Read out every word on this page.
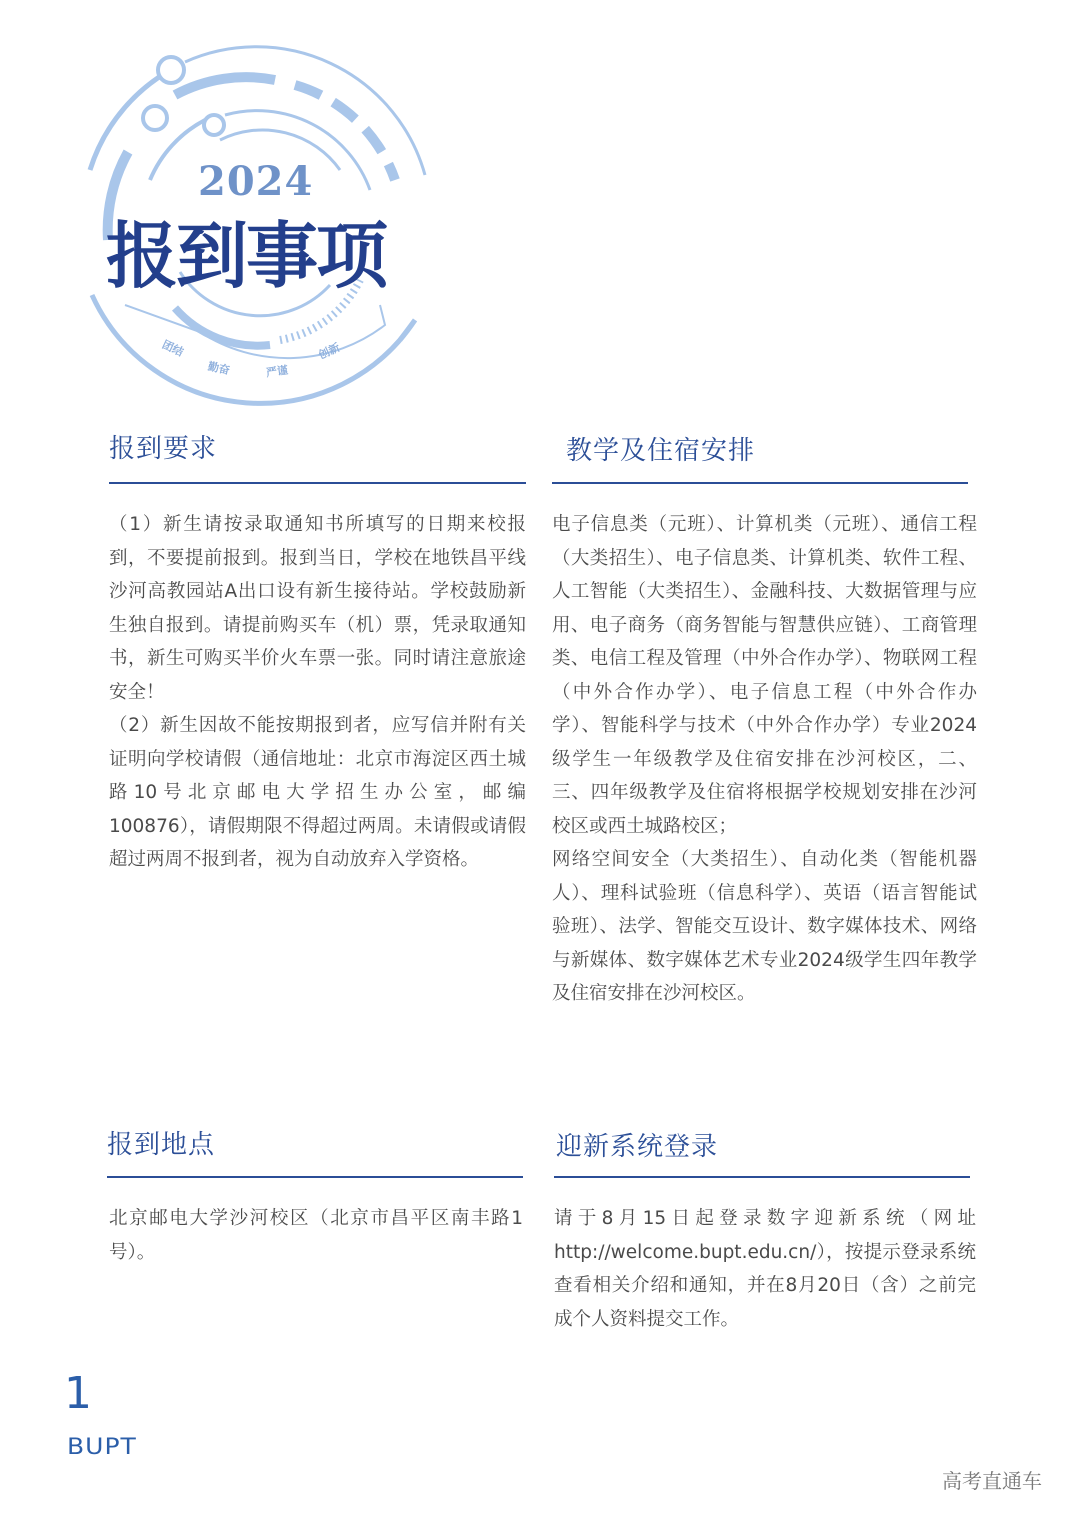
2024
报到事项
团结
勤奋	严谨
创新
报到要求

（1）新生请按录取通知书所填写的日期来校报到，不要提前报到。报到当日，学校在地铁昌平线沙河高教园站A出口设有新生接待站。学校鼓励新生独自报到。请提前购买车（机）票，凭录取通知书，新生可购买半价火车票一张。同时请注意旅途安全！

（2）新生因故不能按期报到者，应写信并附有关证明向学校请假（通信地址：北京市海淀区西土城路10号北京邮电大学招生办公室，邮编100876），请假期限不得超过两周。未请假或请假超过两周不报到者，视为自动放弃入学资格。

教学及住宿安排

电子信息类（元班）、计算机类（元班）、通信工程（大类招生）、电子信息类、计算机类、软件工程、人工智能（大类招生）、金融科技、大数据管理与应用、电子商务（商务智能与智慧供应链）、工商管理类、电信工程及管理（中外合作办学）、物联网工程（中外合作办学）、电子信息工程（中外合作办学）、智能科学与技术（中外合作办学）专业2024级学生一年级教学及住宿安排在沙河校区，二、三、四年级教学及住宿将根据学校规划安排在沙河校区或西土城路校区；

网络空间安全（大类招生）、自动化类（智能机器人）、理科试验班（信息科学）、英语（语言智能试验班）、法学、智能交互设计、数字媒体技术、网络与新媒体、数字媒体艺术专业2024级学生四年教学及住宿安排在沙河校区。

报到地点

北京邮电大学沙河校区（北京市昌平区南丰路1号）。

迎新系统登录

请于8月15日起登录数字迎新系统（网址http://welcome.bupt.edu.cn/），按提示登录系统查看相关介绍和通知，并在8月20日（含）之前完成个人资料提交工作。

1
BUPT
高考直通车
